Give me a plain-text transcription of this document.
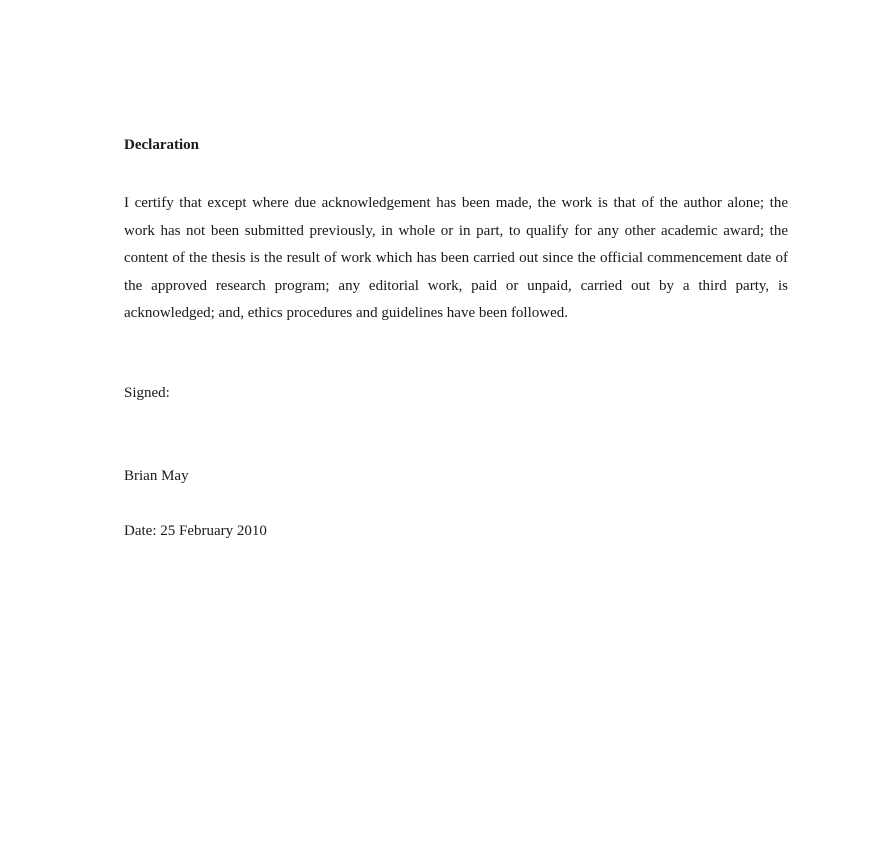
Declaration

I certify that except where due acknowledgement has been made, the work is that of the author alone; the work has not been submitted previously, in whole or in part, to qualify for any other academic award; the content of the thesis is the result of work which has been carried out since the official commencement date of the approved research program; any editorial work, paid or unpaid, carried out by a third party, is acknowledged; and, ethics procedures and guidelines have been followed.

Signed:

Brian May

Date: 25 February 2010
